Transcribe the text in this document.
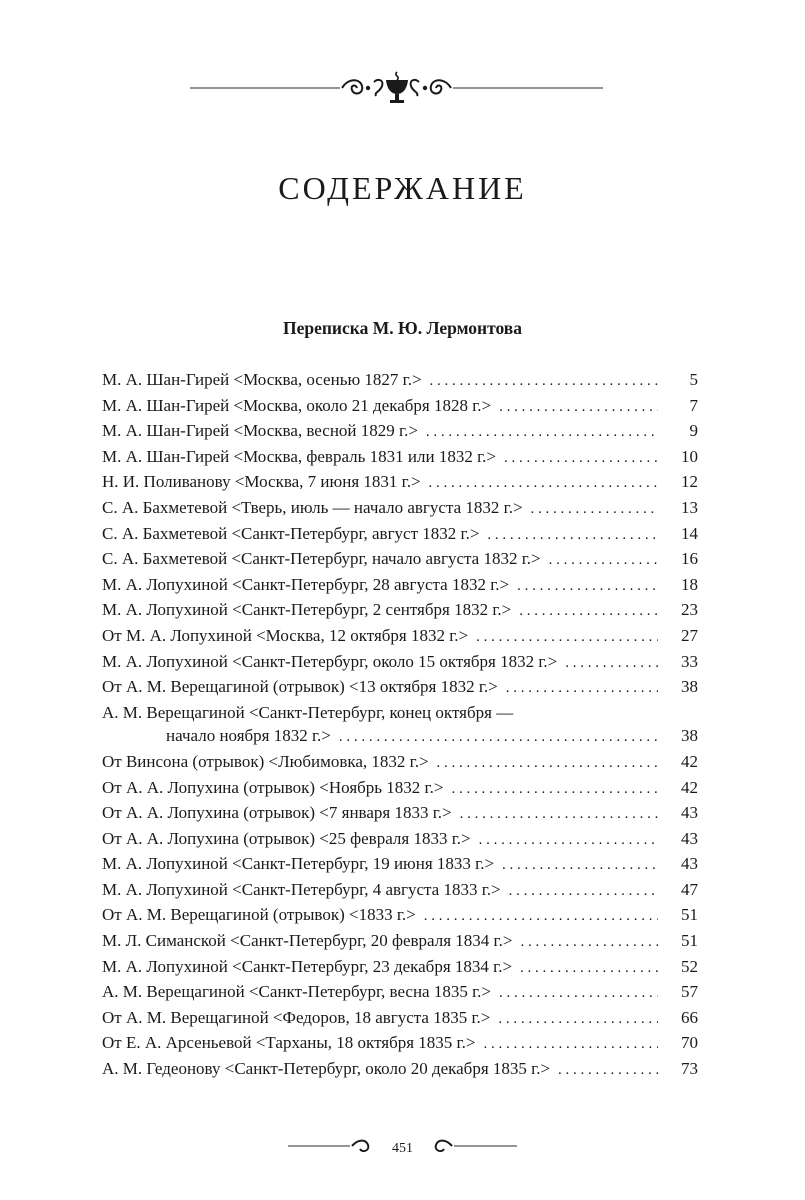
СОДЕРЖАНИЕ
Переписка М. Ю. Лермонтова
М. А. Шан-Гирей <Москва, осенью 1827 г.> . . .	5
М. А. Шан-Гирей <Москва, около 21 декабря 1828 г.> . . .	7
М. А. Шан-Гирей <Москва, весной 1829 г.> . . .	9
М. А. Шан-Гирей <Москва, февраль 1831 или 1832 г.> . . .	10
Н. И. Поливанову <Москва, 7 июня 1831 г.> . . .	12
С. А. Бахметевой <Тверь, июль — начало августа 1832 г.> . . .	13
С. А. Бахметевой <Санкт-Петербург, август 1832 г.> . . .	14
С. А. Бахметевой <Санкт-Петербург, начало августа 1832 г.> . . .	16
М. А. Лопухиной <Санкт-Петербург, 28 августа 1832 г.> . . .	18
М. А. Лопухиной <Санкт-Петербург, 2 сентября 1832 г.> . . .	23
От М. А. Лопухиной <Москва, 12 октября 1832 г.> . . .	27
М. А. Лопухиной <Санкт-Петербург, около 15 октября 1832 г.> . . .	33
От А. М. Верещагиной (отрывок) <13 октября 1832 г.> . . .	38
А. М. Верещагиной <Санкт-Петербург, конец октября —
начало ноября 1832 г.> . . .	38
От Винсона (отрывок) <Любимовка, 1832 г.> . . .	42
От А. А. Лопухина (отрывок) <Ноябрь 1832 г.> . . .	42
От А. А. Лопухина (отрывок) <7 января 1833 г.> . . .	43
От А. А. Лопухина (отрывок) <25 февраля 1833 г.> . . .	43
М. А. Лопухиной <Санкт-Петербург, 19 июня 1833 г.> . . .	43
М. А. Лопухиной <Санкт-Петербург, 4 августа 1833 г.> . . .	47
От А. М. Верещагиной (отрывок) <1833 г.> . . .	51
М. Л. Симанской <Санкт-Петербург, 20 февраля 1834 г.> . . .	51
М. А. Лопухиной <Санкт-Петербург, 23 декабря 1834 г.> . . .	52
А. М. Верещагиной <Санкт-Петербург, весна 1835 г.> . . .	57
От А. М. Верещагиной <Федоров, 18 августа 1835 г.> . . .	66
От Е. А. Арсеньевой <Тарханы, 18 октября 1835 г.> . . .	70
А. М. Гедеонову <Санкт-Петербург, около 20 декабря 1835 г.> . . .	73
451
